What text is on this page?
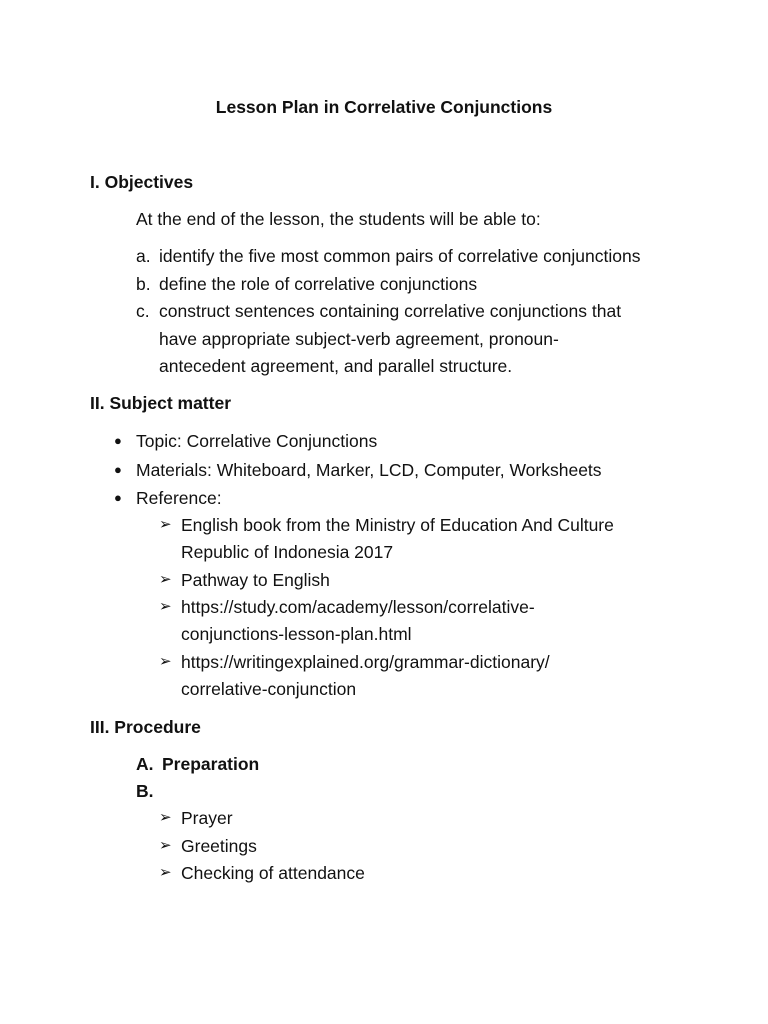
Lesson Plan in Correlative Conjunctions
I. Objectives
At the end of the lesson, the students will be able to:
a. identify the five most common pairs of correlative conjunctions
b. define the role of correlative conjunctions
c. construct sentences containing correlative conjunctions that
have appropriate subject-verb agreement, pronoun-
antecedent agreement, and parallel structure.
II. Subject matter
● Topic: Correlative Conjunctions
● Materials: Whiteboard, Marker, LCD, Computer, Worksheets
● Reference:
➢ English book from the Ministry of Education And Culture
Republic of Indonesia 2017
➢ Pathway to English
➢ https://study.com/academy/lesson/correlative-
conjunctions-lesson-plan.html
➢ https://writingexplained.org/grammar-dictionary/
correlative-conjunction
III. Procedure
A. Preparation
B.
➢ Prayer
➢ Greetings
➢ Checking of attendance
